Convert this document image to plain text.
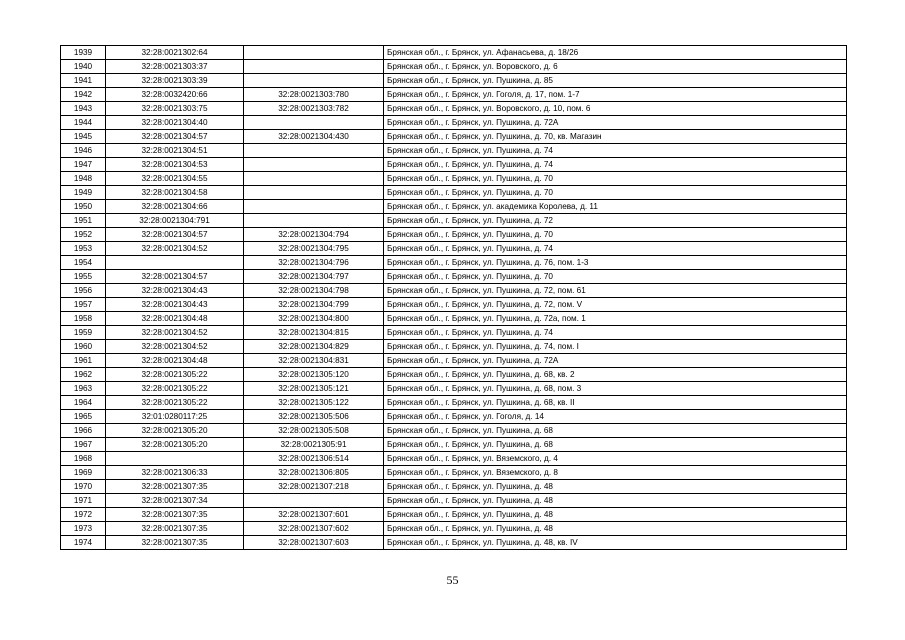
1939	32:28:0021302:64		Брянская обл., г. Брянск, ул. Афанасьева, д. 18/26
1940	32:28:0021303:37		Брянская обл., г. Брянск, ул. Воровского, д. 6
1941	32:28:0021303:39		Брянская обл., г. Брянск, ул. Пушкина, д. 85
1942	32:28:0032420:66	32:28:0021303:780	Брянская обл., г. Брянск, ул. Гоголя, д. 17, пом. 1-7
1943	32:28:0021303:75	32:28:0021303:782	Брянская обл., г. Брянск, ул. Воровского, д. 10, пом. 6
1944	32:28:0021304:40		Брянская обл., г. Брянск, ул. Пушкина, д. 72А
1945	32:28:0021304:57	32:28:0021304:430	Брянская обл., г. Брянск, ул. Пушкина, д. 70, кв. Магазин
1946	32:28:0021304:51		Брянская обл., г. Брянск, ул. Пушкина, д. 74
1947	32:28:0021304:53		Брянская обл., г. Брянск, ул. Пушкина, д. 74
1948	32:28:0021304:55		Брянская обл., г. Брянск, ул. Пушкина, д. 70
1949	32:28:0021304:58		Брянская обл., г. Брянск, ул. Пушкина, д. 70
1950	32:28:0021304:66		Брянская обл., г. Брянск, ул. академика Королева, д. 11
1951	32:28:0021304:791		Брянская обл., г. Брянск, ул. Пушкина, д. 72
1952	32:28:0021304:57	32:28:0021304:794	Брянская обл., г. Брянск, ул. Пушкина, д. 70
1953	32:28:0021304:52	32:28:0021304:795	Брянская обл., г. Брянск, ул. Пушкина, д. 74
1954		32:28:0021304:796	Брянская обл., г. Брянск, ул. Пушкина, д. 76, пом. 1-3
1955	32:28:0021304:57	32:28:0021304:797	Брянская обл., г. Брянск, ул. Пушкина, д. 70
1956	32:28:0021304:43	32:28:0021304:798	Брянская обл., г. Брянск, ул. Пушкина, д. 72, пом. 61
1957	32:28:0021304:43	32:28:0021304:799	Брянская обл., г. Брянск, ул. Пушкина, д. 72, пом. V
1958	32:28:0021304:48	32:28:0021304:800	Брянская обл., г. Брянск, ул. Пушкина, д. 72а, пом. 1
1959	32:28:0021304:52	32:28:0021304:815	Брянская обл., г. Брянск, ул. Пушкина, д. 74
1960	32:28:0021304:52	32:28:0021304:829	Брянская обл., г. Брянск, ул. Пушкина, д. 74, пом. I
1961	32:28:0021304:48	32:28:0021304:831	Брянская обл., г. Брянск, ул. Пушкина, д. 72А
1962	32:28:0021305:22	32:28:0021305:120	Брянская обл., г. Брянск, ул. Пушкина, д. 68, кв. 2
1963	32:28:0021305:22	32:28:0021305:121	Брянская обл., г. Брянск, ул. Пушкина, д. 68, пом. 3
1964	32:28:0021305:22	32:28:0021305:122	Брянская обл., г. Брянск, ул. Пушкина, д. 68, кв. II
1965	32:01:0280117:25	32:28:0021305:506	Брянская обл., г. Брянск, ул. Гоголя, д. 14
1966	32:28:0021305:20	32:28:0021305:508	Брянская обл., г. Брянск, ул. Пушкина, д. 68
1967	32:28:0021305:20	32:28:0021305:91	Брянская обл., г. Брянск, ул. Пушкина, д. 68
1968		32:28:0021306:514	Брянская обл., г. Брянск, ул. Вяземского, д. 4
1969	32:28:0021306:33	32:28:0021306:805	Брянская обл., г. Брянск, ул. Вяземского, д. 8
1970	32:28:0021307:35	32:28:0021307:218	Брянская обл., г. Брянск, ул. Пушкина, д. 48
1971	32:28:0021307:34		Брянская обл., г. Брянск, ул. Пушкина, д. 48
1972	32:28:0021307:35	32:28:0021307:601	Брянская обл., г. Брянск, ул. Пушкина, д. 48
1973	32:28:0021307:35	32:28:0021307:602	Брянская обл., г. Брянск, ул. Пушкина, д. 48
1974	32:28:0021307:35	32:28:0021307:603	Брянская обл., г. Брянск, ул. Пушкина, д. 48, кв. IV
55
